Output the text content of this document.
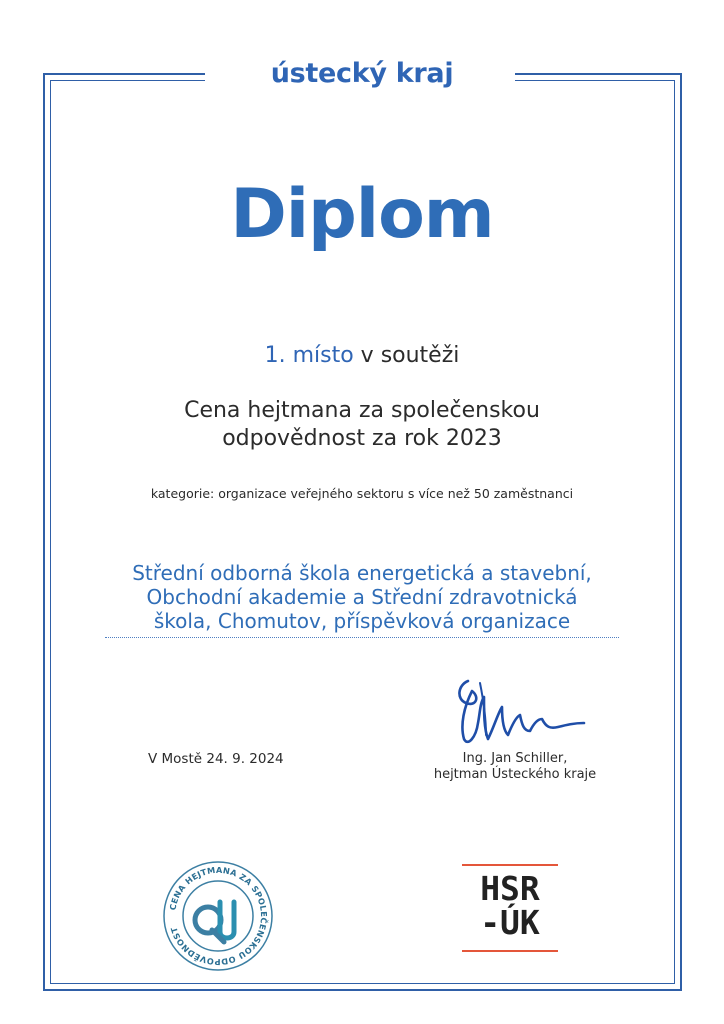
ústecký kraj
Diplom
1. místo v soutěži
Cena hejtmana za společenskou
odpovědnost za rok 2023
kategorie: organizace veřejného sektoru s více než 50 zaměstnanci
Střední odborná škola energetická a stavební,
Obchodní akademie a Střední zdravotnická
škola, Chomutov, příspěvková organizace
V Mostě 24. 9. 2024	Ing. Jan Schiller,
hejtman Ústeckého kraje
CENA HEJTMANA ZA SPOLEČENSKOU ODPOVĚDNOST
HSR
-ÚK
